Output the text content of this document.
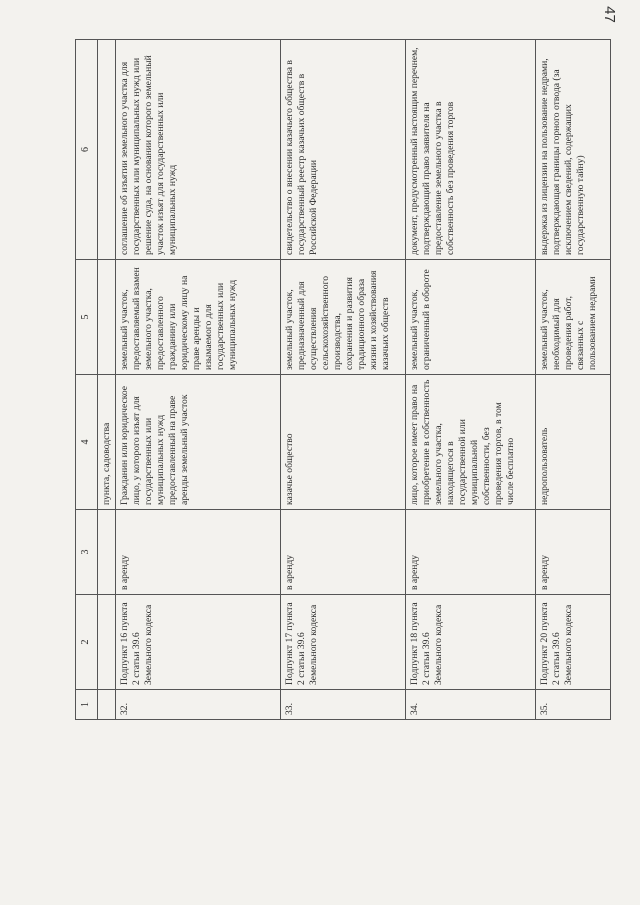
47
1	2	3	4	5	6
			пункта, садоводства		
32.	Подпункт 16 пункта 2 статьи 39.6 Земельного кодекса	в аренду	Гражданин или юридическое лицо, у которого изъят для государственных или муниципальных нужд предоставленный на праве аренды земельный участок	земельный участок, предоставляемый взамен земельного участка, предоставленного гражданину или юридическому лицу на праве аренды и изымаемого для государственных или муниципальных нужд	соглашение об изъятии земельного участка для государственных или муниципальных нужд или решение суда, на основании которого земельный участок изъят для государственных или муниципальных нужд
33.	Подпункт 17 пункта 2 статьи 39.6 Земельного кодекса	в аренду	казачье общество	земельный участок, предназначенный для осуществления сельскохозяйственного производства, сохранения и развития традиционного образа жизни и хозяйствования казачьих обществ	свидетельство о внесении казачьего общества в государственный реестр казачьих обществ в Российской Федерации
34.	Подпункт 18 пункта 2 статьи 39.6 Земельного кодекса	в аренду	лицо, которое имеет право на приобретение в собственность земельного участка, находящегося в государственной или муниципальной собственности, без проведения торгов, в том числе бесплатно	земельный участок, ограниченный в обороте	документ, предусмотренный настоящим перечнем, подтверждающий право заявителя на предоставление земельного участка в собственность без проведения торгов
35.	Подпункт 20 пункта 2 статьи 39.6 Земельного кодекса	в аренду	недропользователь	земельный участок, необходимый для проведения работ, связанных с пользованием недрами	выдержка из лицензии на пользование недрами, подтверждающая границы горного отвода (за исключением сведений, содержащих государственную тайну)
